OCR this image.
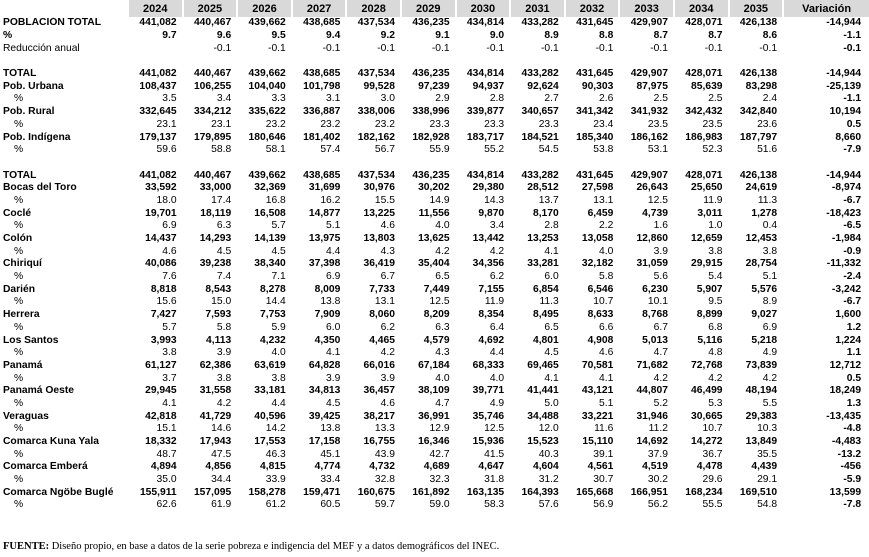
	2024	2025	2026	2027	2028	2029	2030	2031	2032	2033	2034	2035	Variación
POBLACIÓN TOTAL	441,082	440,467	439,662	438,685	437,534	436,235	434,814	433,282	431,645	429,907	428,071	426,138	-14,944
%	9.7	9.6	9.5	9.4	9.2	9.1	9.0	8.9	8.8	8.7	8.7	8.6	-1.1
Reducción anual		-0.1	-0.1	-0.1	-0.1	-0.1	-0.1	-0.1	-0.1	-0.1	-0.1	-0.1	-0.1

TOTAL	441,082	440,467	439,662	438,685	437,534	436,235	434,814	433,282	431,645	429,907	428,071	426,138	-14,944
Pob. Urbana	108,437	106,255	104,040	101,798	99,528	97,239	94,937	92,624	90,303	87,975	85,639	83,298	-25,139
%	3.5	3.4	3.3	3.1	3.0	2.9	2.8	2.7	2.6	2.5	2.5	2.4	-1.1
Pob. Rural	332,645	334,212	335,622	336,887	338,006	338,996	339,877	340,657	341,342	341,932	342,432	342,840	10,194
%	23.1	23.1	23.2	23.2	23.2	23.3	23.3	23.3	23.4	23.5	23.5	23.6	0.5
Pob. Indígena	179,137	179,895	180,646	181,402	182,162	182,928	183,717	184,521	185,340	186,162	186,983	187,797	8,660
%	59.6	58.8	58.1	57.4	56.7	55.9	55.2	54.5	53.8	53.1	52.3	51.6	-7.9

TOTAL	441,082	440,467	439,662	438,685	437,534	436,235	434,814	433,282	431,645	429,907	428,071	426,138	-14,944
Bocas del Toro	33,592	33,000	32,369	31,699	30,976	30,202	29,380	28,512	27,598	26,643	25,650	24,619	-8,974
%	18.0	17.4	16.8	16.2	15.5	14.9	14.3	13.7	13.1	12.5	11.9	11.3	-6.7
Coclé	19,701	18,119	16,508	14,877	13,225	11,556	9,870	8,170	6,459	4,739	3,011	1,278	-18,423
%	6.9	6.3	5.7	5.1	4.6	4.0	3.4	2.8	2.2	1.6	1.0	0.4	-6.5
Colón	14,437	14,293	14,139	13,975	13,803	13,625	13,442	13,253	13,058	12,860	12,659	12,453	-1,984
%	4.6	4.5	4.5	4.4	4.3	4.2	4.2	4.1	4.0	3.9	3.8	3.8	-0.9
Chiriquí	40,086	39,238	38,340	37,398	36,419	35,404	34,356	33,281	32,182	31,059	29,915	28,754	-11,332
%	7.6	7.4	7.1	6.9	6.7	6.5	6.2	6.0	5.8	5.6	5.4	5.1	-2.4
Darién	8,818	8,543	8,278	8,009	7,733	7,449	7,155	6,854	6,546	6,230	5,907	5,576	-3,242
%	15.6	15.0	14.4	13.8	13.1	12.5	11.9	11.3	10.7	10.1	9.5	8.9	-6.7
Herrera	7,427	7,593	7,753	7,909	8,060	8,209	8,354	8,495	8,633	8,768	8,899	9,027	1,600
%	5.7	5.8	5.9	6.0	6.2	6.3	6.4	6.5	6.6	6.7	6.8	6.9	1.2
Los Santos	3,993	4,113	4,232	4,350	4,465	4,579	4,692	4,801	4,908	5,013	5,116	5,218	1,224
%	3.8	3.9	4.0	4.1	4.2	4.3	4.4	4.5	4.6	4.7	4.8	4.9	1.1
Panamá	61,127	62,386	63,619	64,828	66,016	67,184	68,333	69,465	70,581	71,682	72,768	73,839	12,712
%	3.7	3.8	3.8	3.9	3.9	4.0	4.0	4.1	4.1	4.2	4.2	4.2	0.5
Panamá Oeste	29,945	31,558	33,181	34,813	36,457	38,109	39,771	41,441	43,121	44,807	46,499	48,194	18,249
%	4.1	4.2	4.4	4.5	4.6	4.7	4.9	5.0	5.1	5.2	5.3	5.5	1.3
Veraguas	42,818	41,729	40,596	39,425	38,217	36,991	35,746	34,488	33,221	31,946	30,665	29,383	-13,435
%	15.1	14.6	14.2	13.8	13.3	12.9	12.5	12.0	11.6	11.2	10.7	10.3	-4.8
Comarca Kuna Yala	18,332	17,943	17,553	17,158	16,755	16,346	15,936	15,523	15,110	14,692	14,272	13,849	-4,483
%	48.7	47.5	46.3	45.1	43.9	42.7	41.5	40.3	39.1	37.9	36.7	35.5	-13.2
Comarca Emberá	4,894	4,856	4,815	4,774	4,732	4,689	4,647	4,604	4,561	4,519	4,478	4,439	-456
%	35.0	34.4	33.9	33.4	32.8	32.3	31.8	31.2	30.7	30.2	29.6	29.1	-5.9
Comarca Ngöbe Buglé	155,911	157,095	158,278	159,471	160,675	161,892	163,135	164,393	165,668	166,951	168,234	169,510	13,599
%	62.6	61.9	61.2	60.5	59.7	59.0	58.3	57.6	56.9	56.2	55.5	54.8	-7.8
FUENTE: Diseño propio, en base a datos de la serie pobreza e indigencia del MEF y a datos demográficos del INEC.
